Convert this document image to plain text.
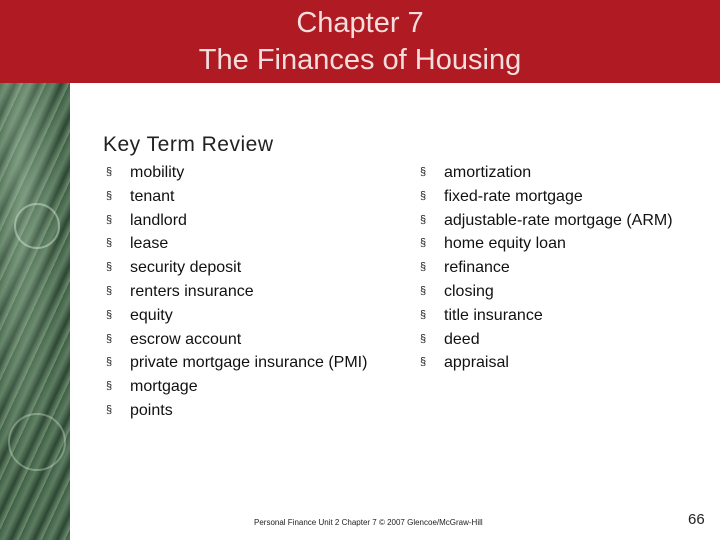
Chapter 7
The Finances of Housing
Key Term Review
§ mobility
§ tenant
§ landlord
§ lease
§ security deposit
§ renters insurance
§ equity
§ escrow account
§ private mortgage insurance (PMI)
§ mortgage
§ points
§ amortization
§ fixed-rate mortgage
§ adjustable-rate mortgage (ARM)
§ home equity loan
§ refinance
§ closing
§ title insurance
§ deed
§ appraisal
Personal Finance Unit 2 Chapter 7 © 2007 Glencoe/McGraw-Hill	66
